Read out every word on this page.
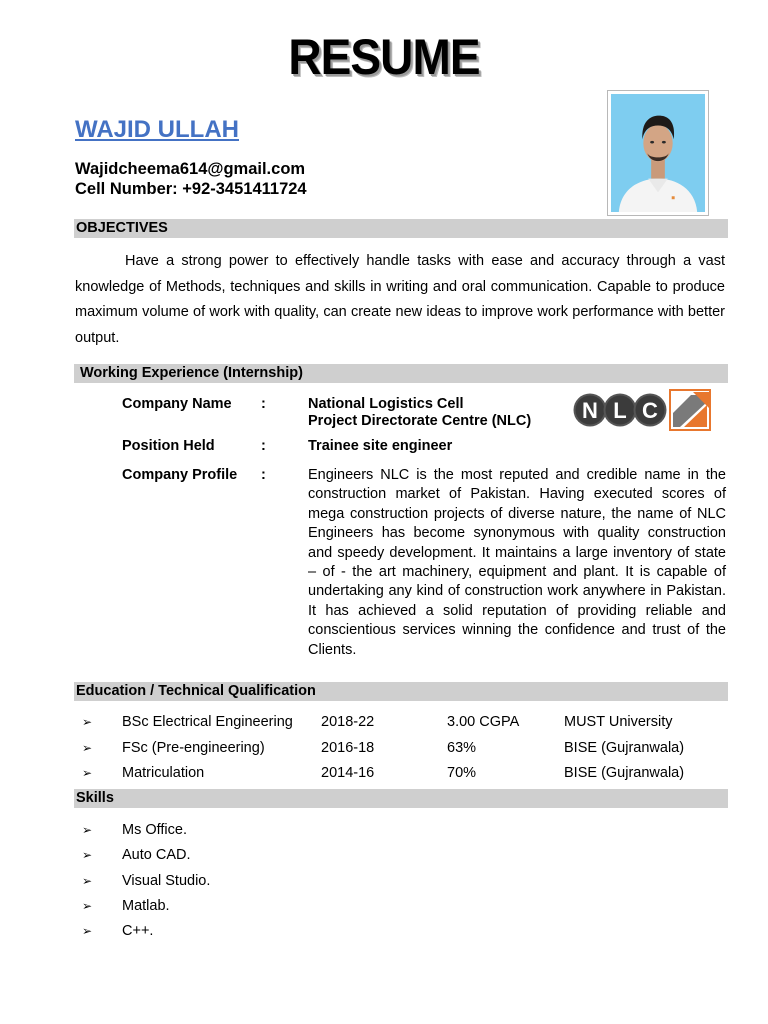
RESUME
WAJID ULLAH
Wajidcheema614@gmail.com
Cell Number: +92-3451411724
OBJECTIVES
Have a strong power to effectively handle tasks with ease and accuracy through a vast knowledge of Methods, techniques and skills in writing and oral communication. Capable to produce maximum volume of work with quality, can create new ideas to improve work performance with better output.
Working Experience (Internship)
Company Name :	National Logistics Cell
Project Directorate Centre (NLC) N L C
Position Held	:	Trainee site engineer
Company Profile :	Engineers NLC is the most reputed and credible name in the construction market of Pakistan. Having executed scores of mega construction projects of diverse nature, the name of NLC Engineers has become synonymous with quality construction and speedy development. It maintains a large inventory of state – of - the art machinery, equipment and plant. It is capable of undertaking any kind of construction work anywhere in Pakistan. It has achieved a solid reputation of providing reliable and conscientious services winning the confidence and trust of the Clients.
Education / Technical Qualification
➢ BSc Electrical Engineering 2018-22	3.00 CGPA	MUST University
➢ FSc (Pre-engineering)	2016-18	63%	BISE (Gujranwala)
➢ Matriculation	2014-16	70%	BISE (Gujranwala)
Skills
➢ Ms Office.
➢ Auto CAD.
➢ Visual Studio.
➢ Matlab.
➢ C++.
